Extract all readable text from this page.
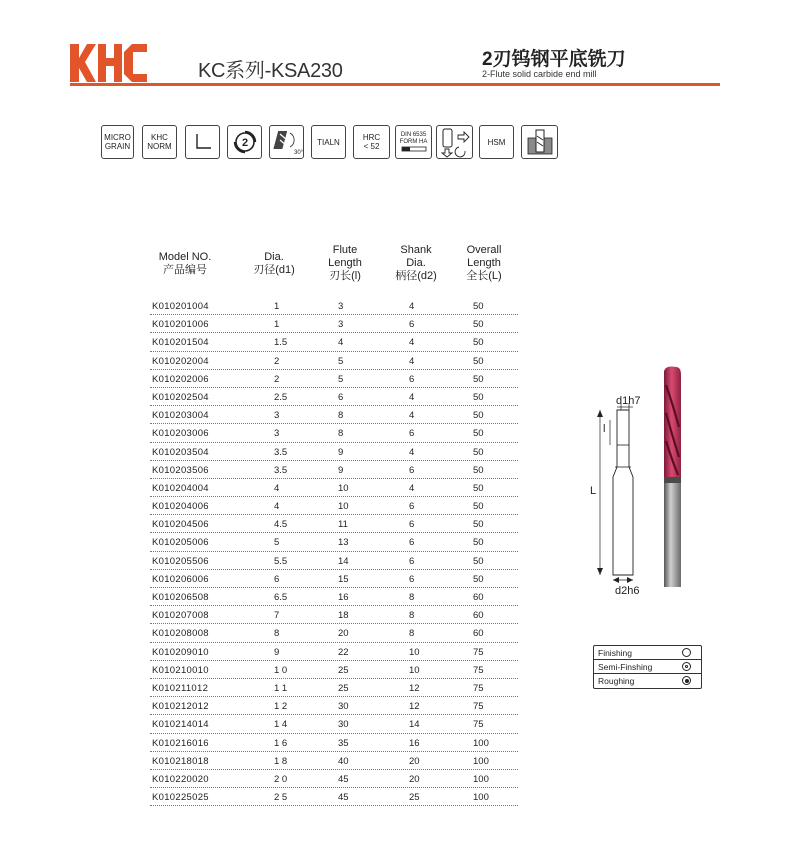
KC系列-KSA230
2刃钨钢平底铣刀
2-Flute solid carbide end mill
MICRO
GRAIN
KHC
NORM	2
30°
TIALN	HRC
< 52
DIN 6535
FORM HA	HSM
Model NO.
产品编号
Dia.
刃径(d1)
Flute
Length
刃长(l)
Shank
Dia.
柄径(d2)
Overall
Length
全长(L)
K010201004	1	3	4	50
K010201006	1	3	6	50
K010201504	1.5	4	4	50
K010202004	2	5	4	50
K010202006	2	5	6	50
K010202504	2.5	6	4	50
K010203004	3	8	4	50
K010203006	3	8	6	50
K010203504	3.5	9	4	50
K010203506	3.5	9	6	50
K010204004	4	10	4	50
K010204006	4	10	6	50
K010204506	4.5	11	6	50
K010205006	5	13	6	50
K010205506	5.5	14	6	50
K010206006	6	15	6	50
K010206508	6.5	16	8	60
K010207008	7	18	8	60
K010208008	8	20	8	60
K010209010	9	22	10	75
K010210010	1 0	25	10	75
K010211012	1 1	25	12	75
K010212012	1 2	30	12	75
K010214014	1 4	30	14	75
K010216016	1 6	35	16	100
K010218018	1 8	40	20	100
K010220020	2 0	45	20	100
K010225025	2 5	45	25	100
d1h7
l
L
d2h6
Finishing
Semi-Finshing
Roughing
